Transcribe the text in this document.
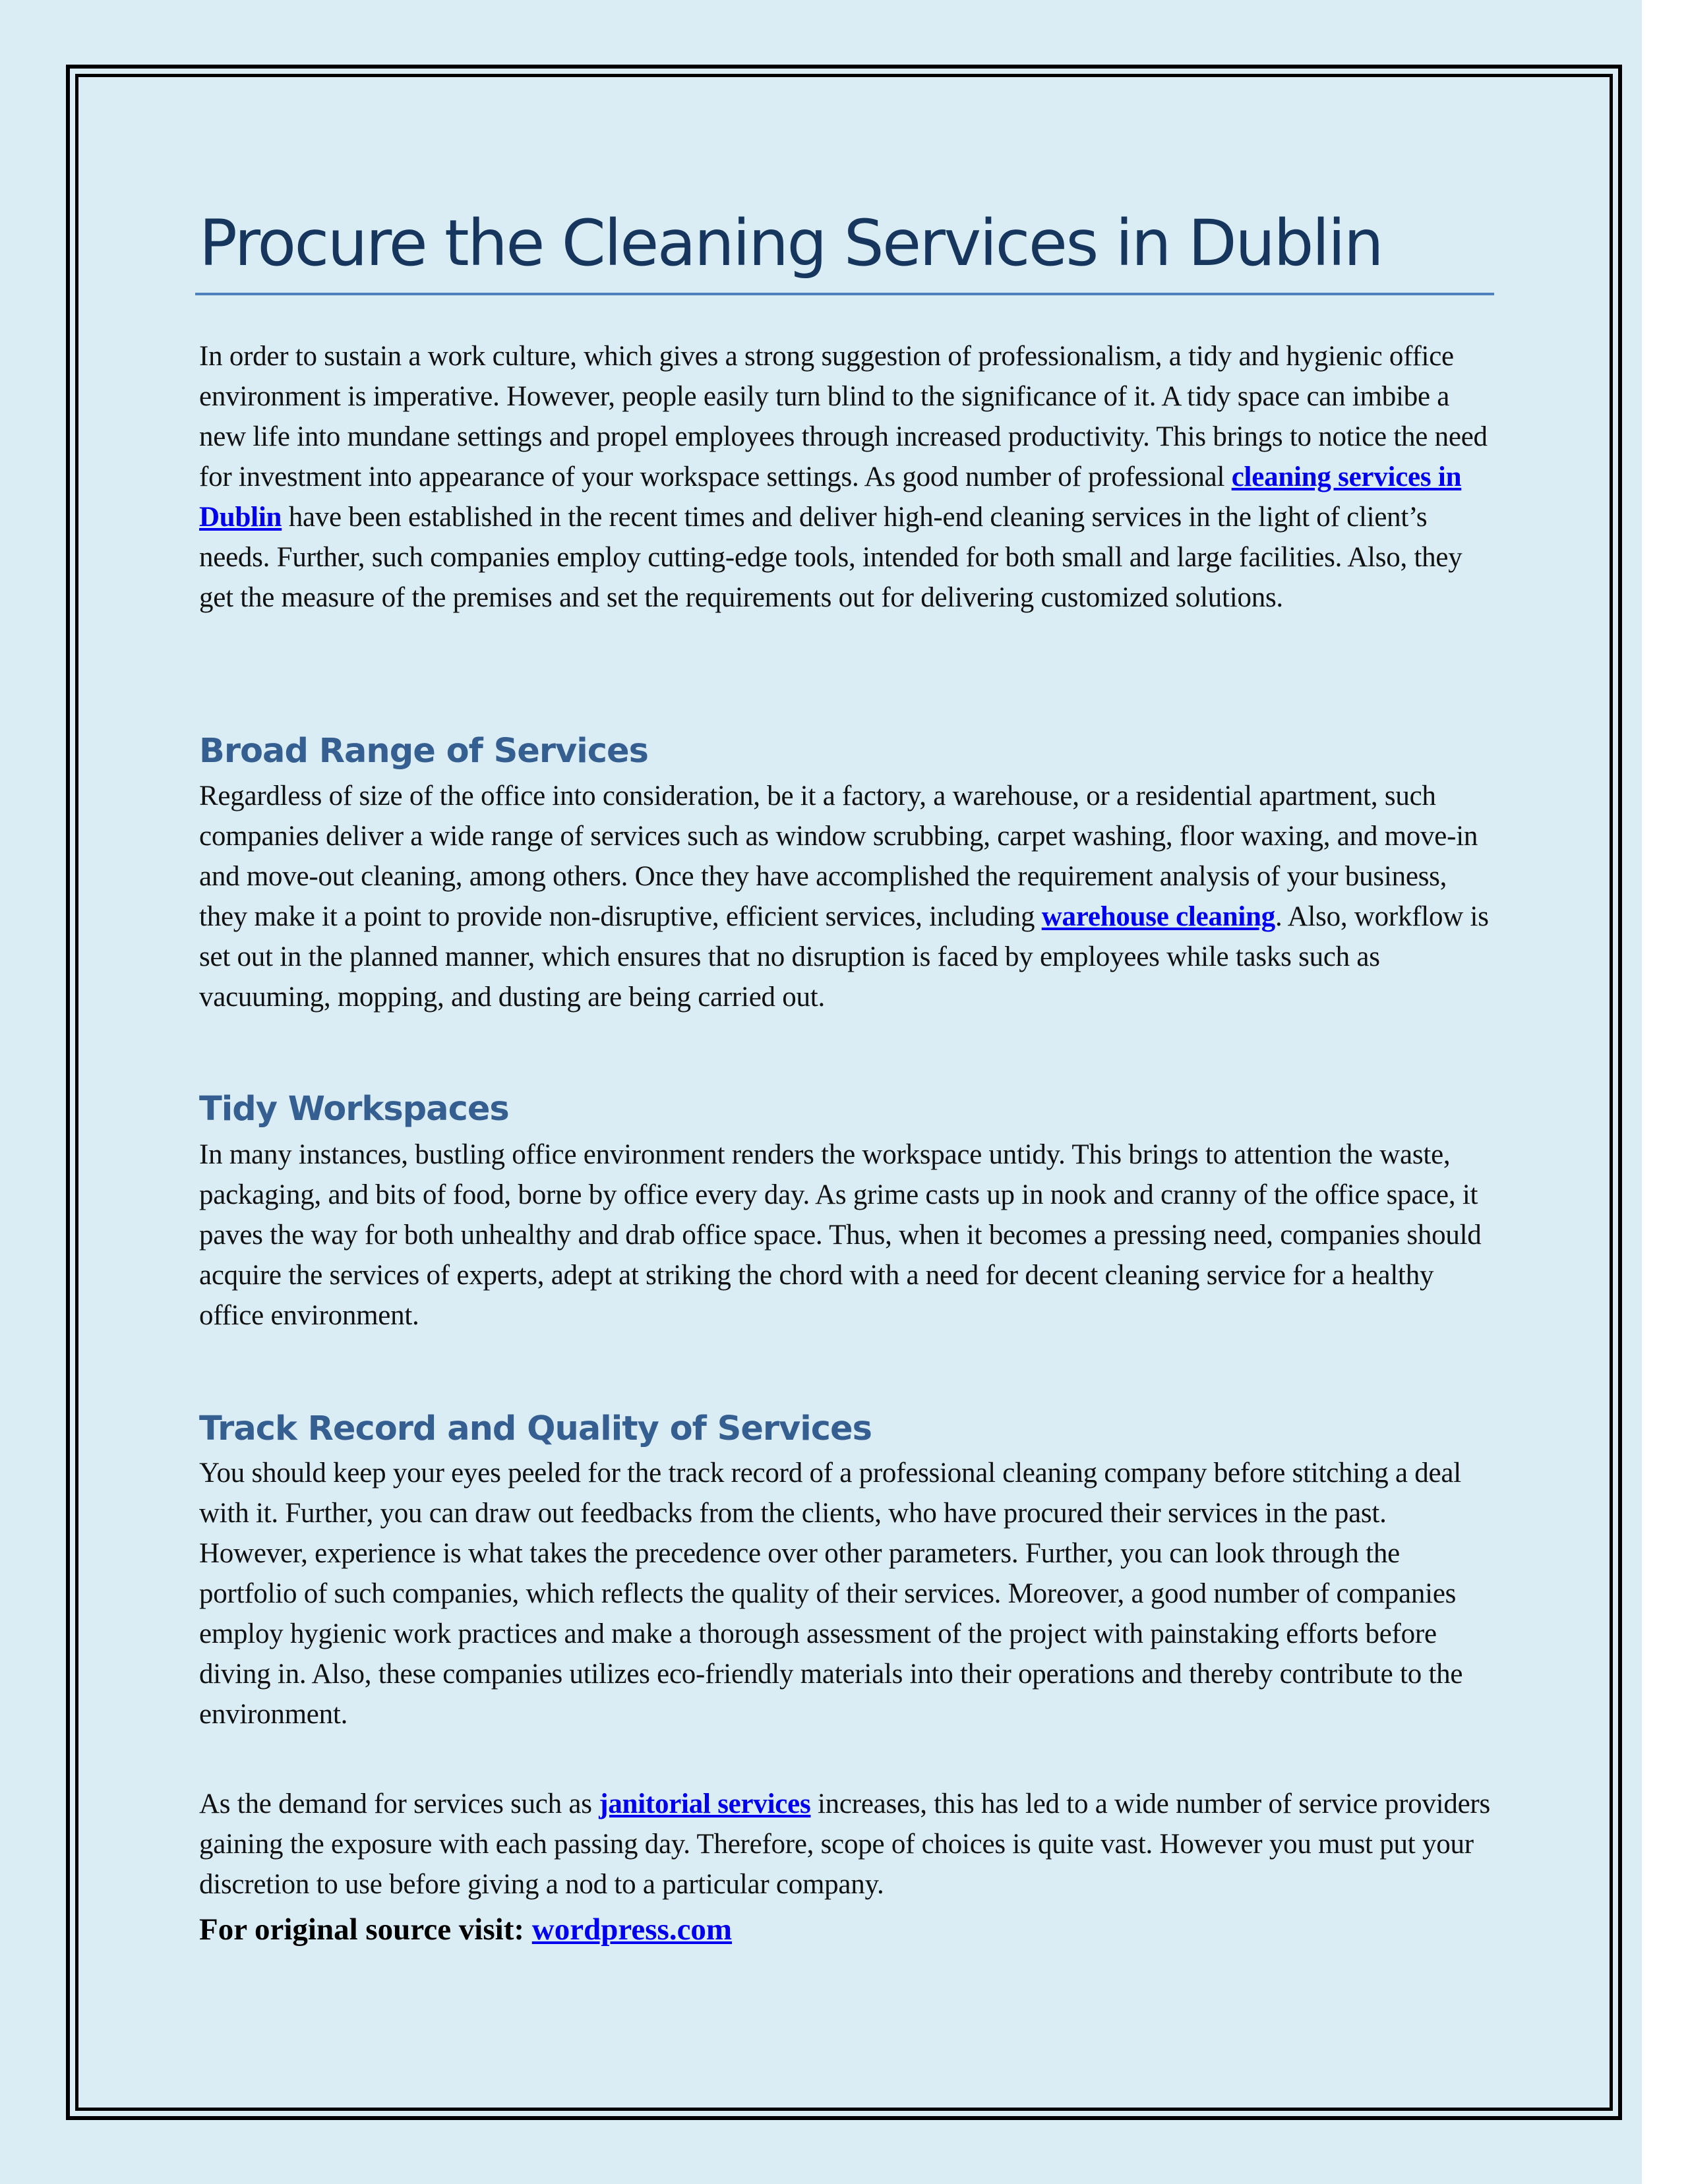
Procure the Cleaning Services in Dublin

In order to sustain a work culture, which gives a strong suggestion of professionalism, a tidy and hygienic office environment is imperative. However, people easily turn blind to the significance of it. A tidy space can imbibe a new life into mundane settings and propel employees through increased productivity. This brings to notice the need for investment into appearance of your workspace settings. As good number of professional cleaning services in Dublin have been established in the recent times and deliver high-end cleaning services in the light of client’s needs. Further, such companies employ cutting-edge tools, intended for both small and large facilities. Also, they get the measure of the premises and set the requirements out for delivering customized solutions.

Broad Range of Services

Regardless of size of the office into consideration, be it a factory, a warehouse, or a residential apartment, such companies deliver a wide range of services such as window scrubbing, carpet washing, floor waxing, and move-in and move-out cleaning, among others. Once they have accomplished the requirement analysis of your business, they make it a point to provide non-disruptive, efficient services, including warehouse cleaning. Also, workflow is set out in the planned manner, which ensures that no disruption is faced by employees while tasks such as vacuuming, mopping, and dusting are being carried out.

Tidy Workspaces

In many instances, bustling office environment renders the workspace untidy. This brings to attention the waste, packaging, and bits of food, borne by office every day. As grime casts up in nook and cranny of the office space, it paves the way for both unhealthy and drab office space. Thus, when it becomes a pressing need, companies should acquire the services of experts, adept at striking the chord with a need for decent cleaning service for a healthy office environment.

Track Record and Quality of Services

You should keep your eyes peeled for the track record of a professional cleaning company before stitching a deal with it. Further, you can draw out feedbacks from the clients, who have procured their services in the past. However, experience is what takes the precedence over other parameters. Further, you can look through the portfolio of such companies, which reflects the quality of their services. Moreover, a good number of companies employ hygienic work practices and make a thorough assessment of the project with painstaking efforts before diving in. Also, these companies utilizes eco-friendly materials into their operations and thereby contribute to the environment.

As the demand for services such as janitorial services increases, this has led to a wide number of service providers gaining the exposure with each passing day. Therefore, scope of choices is quite vast. However you must put your discretion to use before giving a nod to a particular company.

For original source visit: wordpress.com
